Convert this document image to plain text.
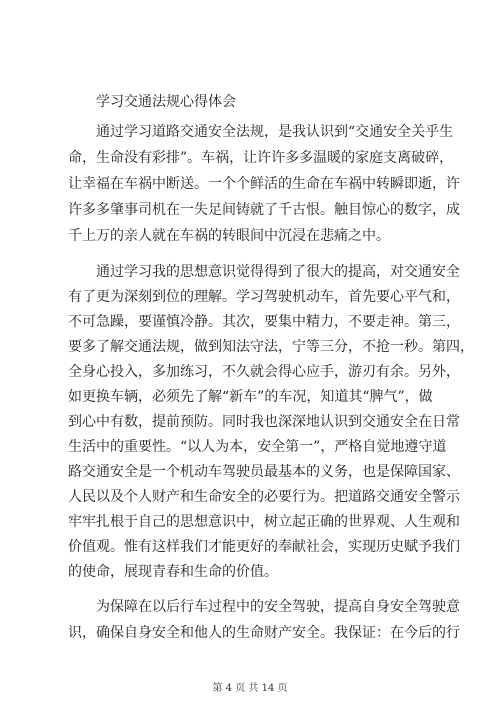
学习交通法规心得体会
通过学习道路交通安全法规，是我认识到“交通安全关乎生
命，生命没有彩排”。车祸，让许许多多温暖的家庭支离破碎，
让幸福在车祸中断送。一个个鲜活的生命在车祸中转瞬即逝，许
许多多肇事司机在一失足间铸就了千古恨。触目惊心的数字，成
千上万的亲人就在车祸的转眼间中沉浸在悲痛之中。
通过学习我的思想意识觉得得到了很大的提高，对交通安全
有了更为深刻到位的理解。学习驾驶机动车，首先要心平气和，
不可急躁，要谨慎冷静。其次，要集中精力，不要走神。第三，
要多了解交通法规，做到知法守法，宁等三分，不抢一秒。第四，
全身心投入，多加练习，不久就会得心应手，游刃有余。另外，
如更换车辆，必须先了解“新车”的车况，知道其“脾气”，做
到心中有数，提前预防。同时我也深深地认识到交通安全在日常
生活中的重要性。“以人为本，安全第一”，严格自觉地遵守道
路交通安全是一个机动车驾驶员最基本的义务，也是保障国家、
人民以及个人财产和生命安全的必要行为。把道路交通安全警示
牢牢扎根于自己的思想意识中，树立起正确的世界观、人生观和
价值观。惟有这样我们才能更好的奉献社会，实现历史赋予我们
的使命，展现青春和生命的价值。
为保障在以后行车过程中的安全驾驶，提高自身安全驾驶意
识，确保自身安全和他人的生命财产安全。我保证：在今后的行
第 4 页 共 14 页
